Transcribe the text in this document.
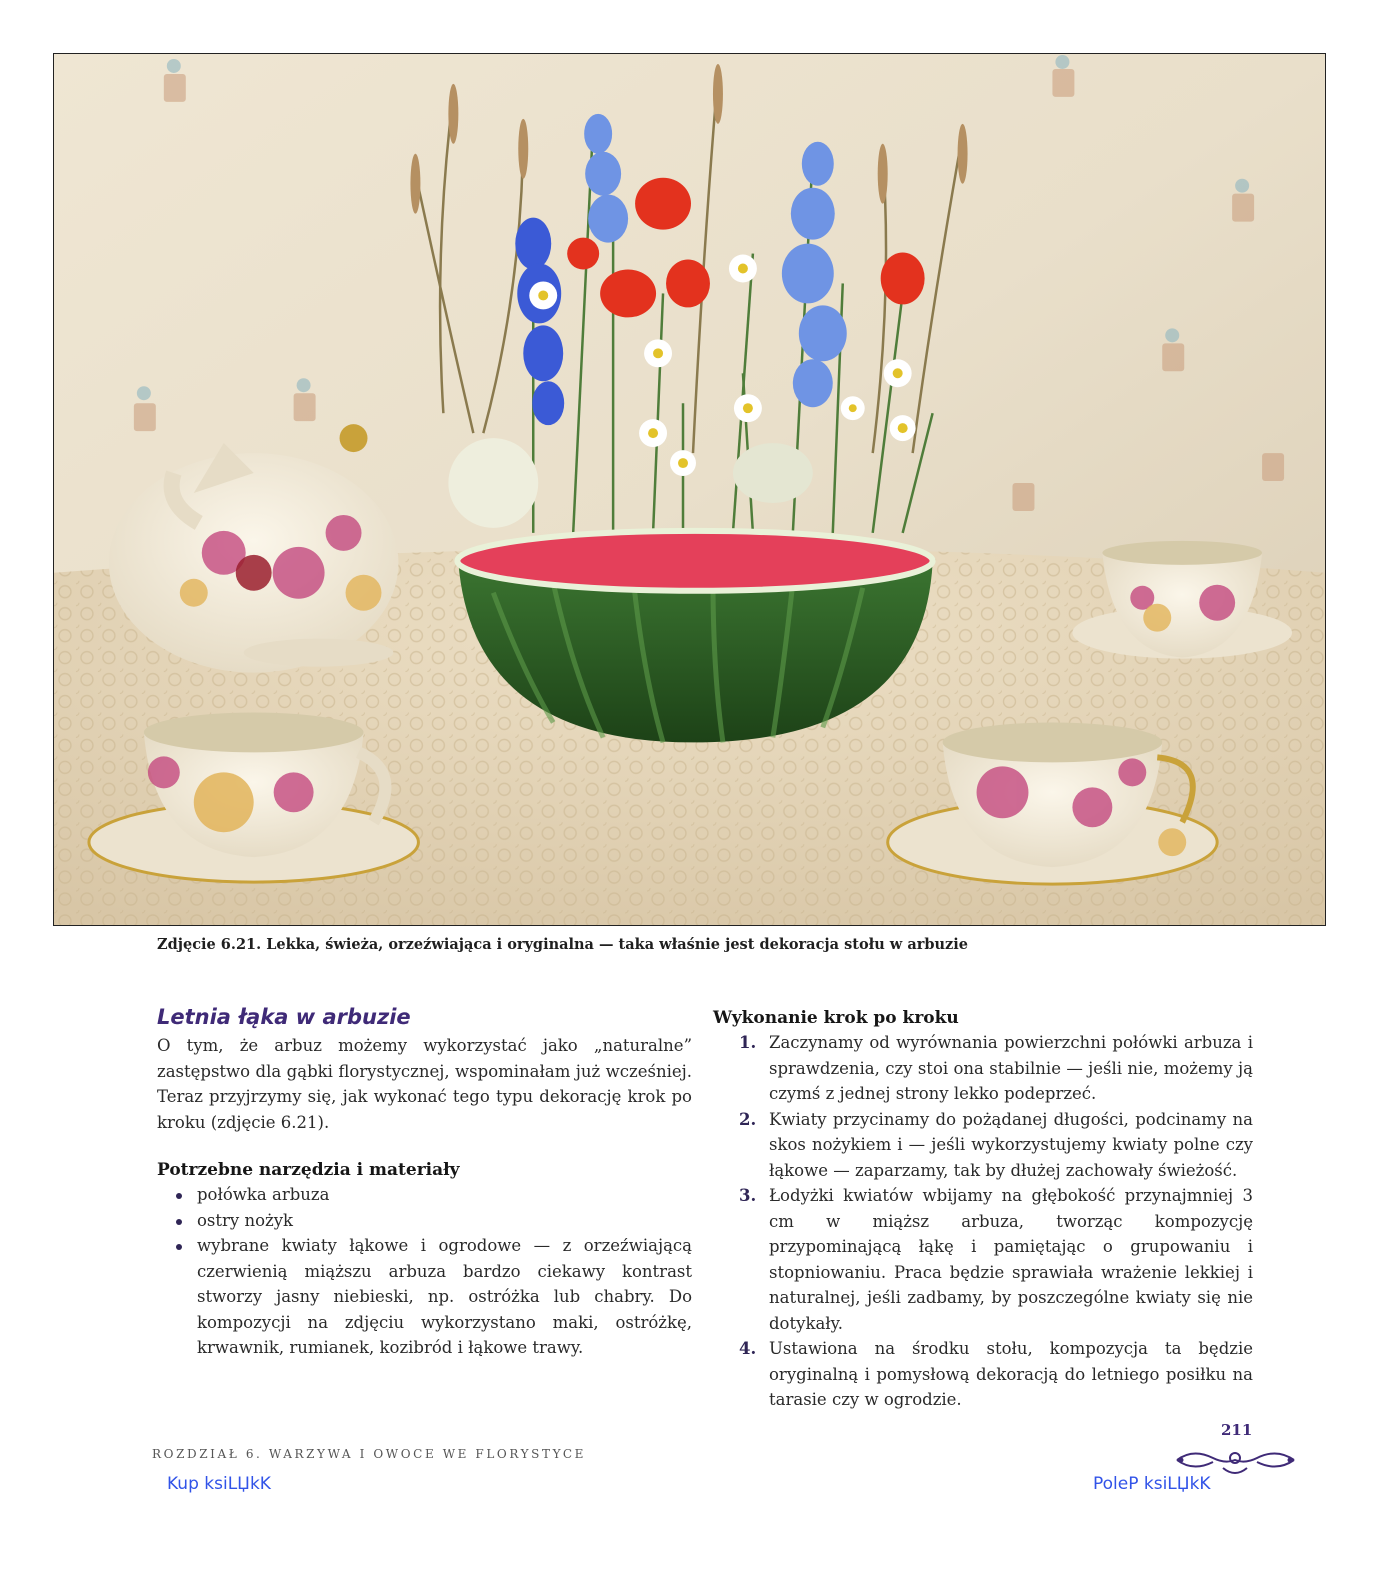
Zdjęcie 6.21. Lekka, świeża, orzeźwiająca i oryginalna — taka właśnie jest dekoracja stołu w arbuzie
Letnia łąka w arbuzie

O tym, że arbuz możemy wykorzystać jako „naturalne” zastępstwo dla gąbki florystycznej, wspominałam już wcześniej. Teraz przyjrzymy się, jak wykonać tego typu dekorację krok po kroku (zdjęcie 6.21).

Potrzebne narzędzia i materiały
połówka arbuza
ostry nożyk
wybrane kwiaty łąkowe i ogrodowe — z orzeźwiającą czerwienią miąższu arbuza bardzo ciekawy kontrast stworzy jasny niebieski, np. ostróżka lub chabry. Do kompozycji na zdjęciu wykorzystano maki, ostróżkę, krwawnik, rumianek, kozibród i łąkowe trawy.
Wykonanie krok po kroku
1. Zaczynamy od wyrównania powierzchni połówki arbuza i sprawdzenia, czy stoi ona stabilnie — jeśli nie, możemy ją czymś z jednej strony lekko podeprzeć.
2. Kwiaty przycinamy do pożądanej długości, podcinamy na skos nożykiem i — jeśli wykorzystujemy kwiaty polne czy łąkowe — zaparzamy, tak by dłużej zachowały świeżość.
3. Łodyżki kwiatów wbijamy na głębokość przynajmniej 3 cm w miąższ arbuza, tworząc kompozycję przypominającą łąkę i pamiętając o grupowaniu i stopniowaniu. Praca będzie sprawiała wrażenie lekkiej i naturalnej, jeśli zadbamy, by poszczególne kwiaty się nie dotykały.
4. Ustawiona na środku stołu, kompozycja ta będzie oryginalną i pomysłową dekoracją do letniego posiłku na tarasie czy w ogrodzie.
ROZDZIAŁ 6. WARZYWA I OWOCE WE FLORYSTYCE
211
Kup ksiLЏkK	PoleP ksiLЏkK
